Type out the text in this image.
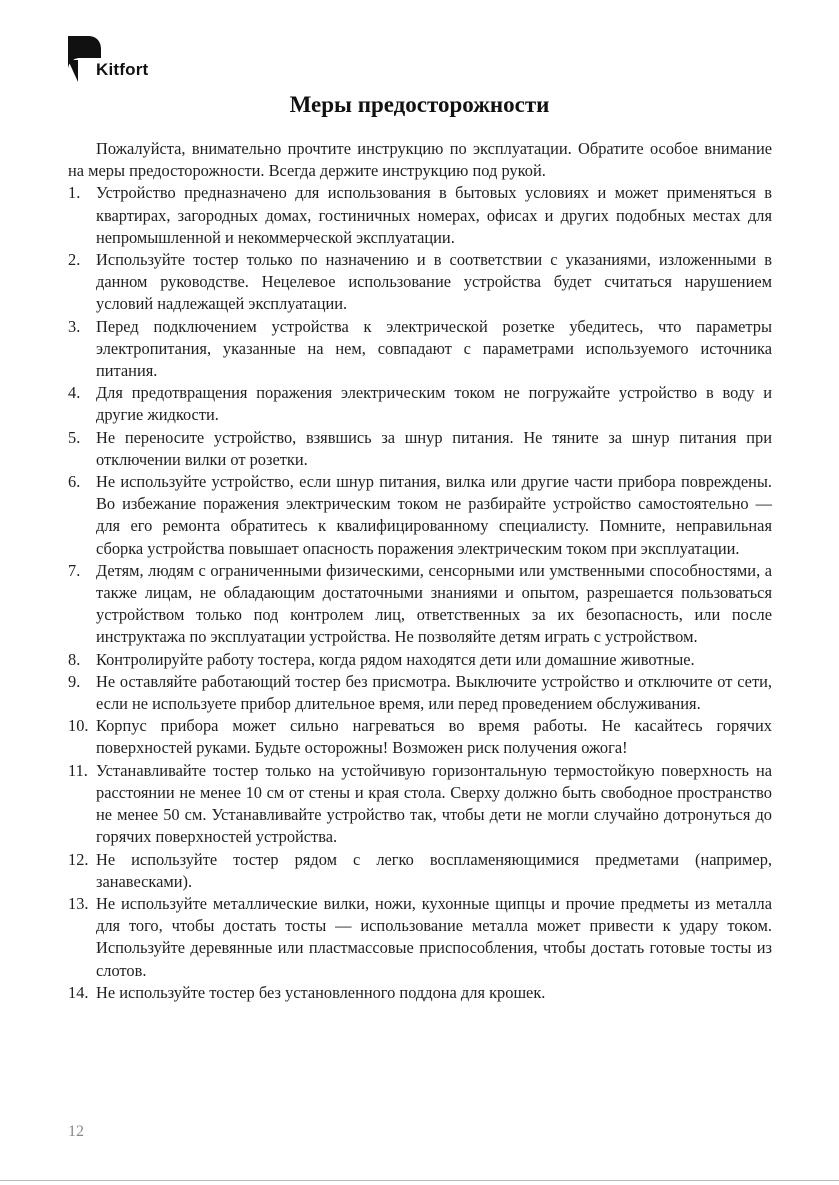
Kitfort
Меры предосторожности

Пожалуйста, внимательно прочтите инструкцию по эксплуатации. Обратите особое внимание на меры предосторожности. Всегда держите инструкцию под рукой.

1. Устройство предназначено для использования в бытовых условиях и может применяться в квартирах, загородных домах, гостиничных номерах, офисах и других подобных местах для непромышленной и некоммерческой эксплуатации.
2. Используйте тостер только по назначению и в соответствии с указаниями, изложенными в данном руководстве. Нецелевое использование устройства будет считаться нарушением условий надлежащей эксплуатации.
3. Перед подключением устройства к электрической розетке убедитесь, что параметры электропитания, указанные на нем, совпадают с параметрами используемого источника питания.
4. Для предотвращения поражения электрическим током не погружайте устройство в воду и другие жидкости.
5. Не переносите устройство, взявшись за шнур питания. Не тяните за шнур питания при отключении вилки от розетки.
6. Не используйте устройство, если шнур питания, вилка или другие части прибора повреждены. Во избежание поражения электрическим током не разбирайте устройство самостоятельно — для его ремонта обратитесь к квалифицированному специалисту. Помните, неправильная сборка устройства повышает опасность поражения электрическим током при эксплуатации.
7. Детям, людям с ограниченными физическими, сенсорными или умственными способностями, а также лицам, не обладающим достаточными знаниями и опытом, разрешается пользоваться устройством только под контролем лиц, ответственных за их безопасность, или после инструктажа по эксплуатации устройства. Не позволяйте детям играть с устройством.
8. Контролируйте работу тостера, когда рядом находятся дети или домашние животные.
9. Не оставляйте работающий тостер без присмотра. Выключите устройство и отключите от сети, если не используете прибор длительное время, или перед проведением обслуживания.
10. Корпус прибора может сильно нагреваться во время работы. Не касайтесь горячих поверхностей руками. Будьте осторожны! Возможен риск получения ожога!
11. Устанавливайте тостер только на устойчивую горизонтальную термостойкую поверхность на расстоянии не менее 10 см от стены и края стола. Сверху должно быть свободное пространство не менее 50 см. Устанавливайте устройство так, чтобы дети не могли случайно дотронуться до горячих поверхностей устройства.
12. Не используйте тостер рядом с легко воспламеняющимися предметами (например, занавесками).
13. Не используйте металлические вилки, ножи, кухонные щипцы и прочие предметы из металла для того, чтобы достать тосты — использование металла может привести к удару током. Используйте деревянные или пластмассовые приспособления, чтобы достать готовые тосты из слотов.
14. Не используйте тостер без установленного поддона для крошек.
12
